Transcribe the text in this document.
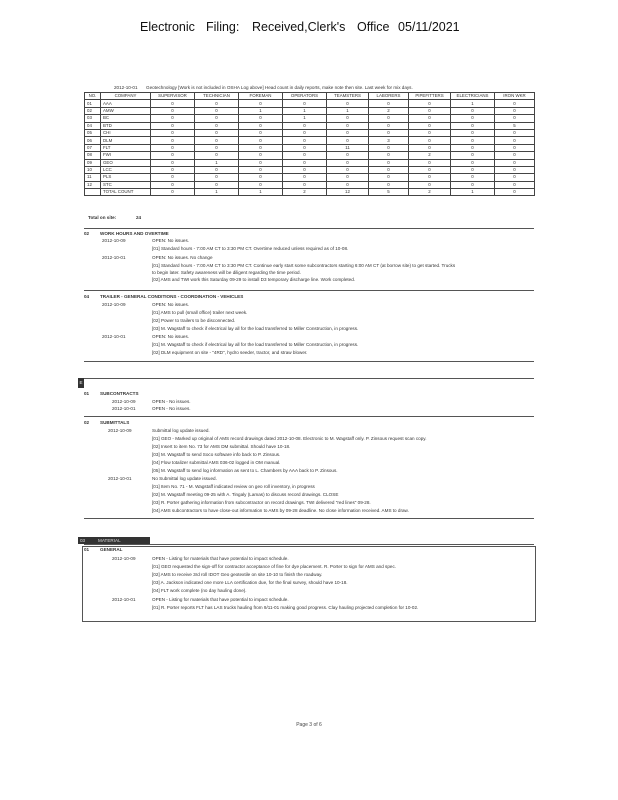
Electronic Filing: Received,Clerk's Office 05/11/2021
2012-10-01 Geotechnology [Work is not included in OSHA Log above] Head count in daily reports, make note then site. Last week for mix days.
NO.	COMPANY	SUPERVISOR	TECHNICIAN	FOREMAN	OPERATORS	TEAMSTERS	LABORERS	PIPEFITTERS	ELECTRICIANS	IRON WKR
01	AAA	0	0	0	0	0	0	0	1	0
02	AMW	0	0	1	1	1	2	0	0	0
03	BC	0	0	0	1	0	0	0	0	0
04	BTD	0	0	0	0	0	0	0	0	5
05	CHI	0	0	0	0	0	0	0	0	0
06	DLM	0	0	0	0	0	3	0	0	0
07	FLT	0	0	0	0	11	0	0	0	0
08	FWI	0	0	0	0	0	0	2	0	0
09	GEO	0	1	0	0	0	0	0	0	0
10	LCC	0	0	0	0	0	0	0	0	0
11	PLS	0	0	0	0	0	0	0	0	0
12	STC	0	0	0	0	0	0	0	0	0
	TOTAL COUNT	0	1	1	2	12	5	2	1	0
Total on site:	24
02 WORK HOURS AND OVERTIME
2012-10-09	OPEN: No issues.
[01] Standard hours - 7:00 AM CT to 3:30 PM CT. Overtime reduced unless required as of 10-08.
2012-10-01	OPEN: No issues. No change
[01] Standard hours - 7:00 AM CT to 3:30 PM CT. Continue early start some subcontractors starting 6:00 AM CT (at borrow site) to get started. Trucks
to begin later. Safety awareness will be diligent regarding the time period.
[02] AMS and TWI work this Saturday 09-29 to install D3 temporary discharge line. Work completed.
04 TRAILER - GENERAL CONDITIONS - COORDINATION - VEHICLES
2012-10-09	OPEN: No issues.
[01] AMS to pull (small office) trailer next week.
[02] Power to trailers to be disconnected.
[03] M. Wagstaff to check if electrical lay all for the load transferred to Miller Construction, in progress.
2012-10-01	OPEN: No issues.
[01] M. Wagstaff to check if electrical lay all for the load transferred to Miller Construction, in progress.
[02] DLM equipment on site - "4RD", hydro seeder, tractor, and straw blower.
E
01 SUBCONTRACTS
2012-10-09	OPEN - No issues.
2012-10-01	OPEN - No issues.
02 SUBMITTALS
2012-10-09	Submittal log update issued.
[01] GEO - Marked up original of AMS record drawings dated 2012-10-08. Electronic to M. Wagstaff only. P. Zinsous request scan copy.
[02] Insert to item No. 73 for AMS DM submittal. Should have 10-18.
[03] M. Wagstaff to send Soco software info back to P. Zinsous.
[04] Flow totalizer submittal AMS 036-02 logged in OM manual.
[05] M. Wagstaff to send log information as sent to L. Chambers by AAA back to P. Zinsous.
2012-10-01	No Submittal log update issued.
[01] Item No. 71 - M. Wagstaff indicated review on geo roll inventory, in progress
[02] M. Wagstaff meeting 09-25 with A. Tingaly (Lamas) to discuss record drawings. CLOSE
[03] R. Porter gathering information from subcontractor on record drawings. TWI delivered "red lines" 09-28.
[04] AMS subcontractors to have close-out information to AMS by 09-28 deadline. No close information received. AMS to draw.
03	MATERIAL
01 GENERAL
2012-10-09	OPEN - Listing for materials that have potential to impact schedule.
[01] GEO requested the sign-off for contractor acceptance of fine for dye placement. R. Porter to sign for AMS and spec.
[02] AMS to receive 3rd roll IDOT Geo geotextile on site 10-10 to finish the roadway.
[03] A. Jackson indicated one more LLA certification due, for the final survey, should have 10-18.
[04] FLT work complete (no day hauling done).
2012-10-01	OPEN - Listing for materials that have potential to impact schedule.
[01] R. Porter reports FLT has LAS trucks hauling from 9/11-01 making good progress. Clay hauling projected completion for 10-02.
Page 3 of 6
